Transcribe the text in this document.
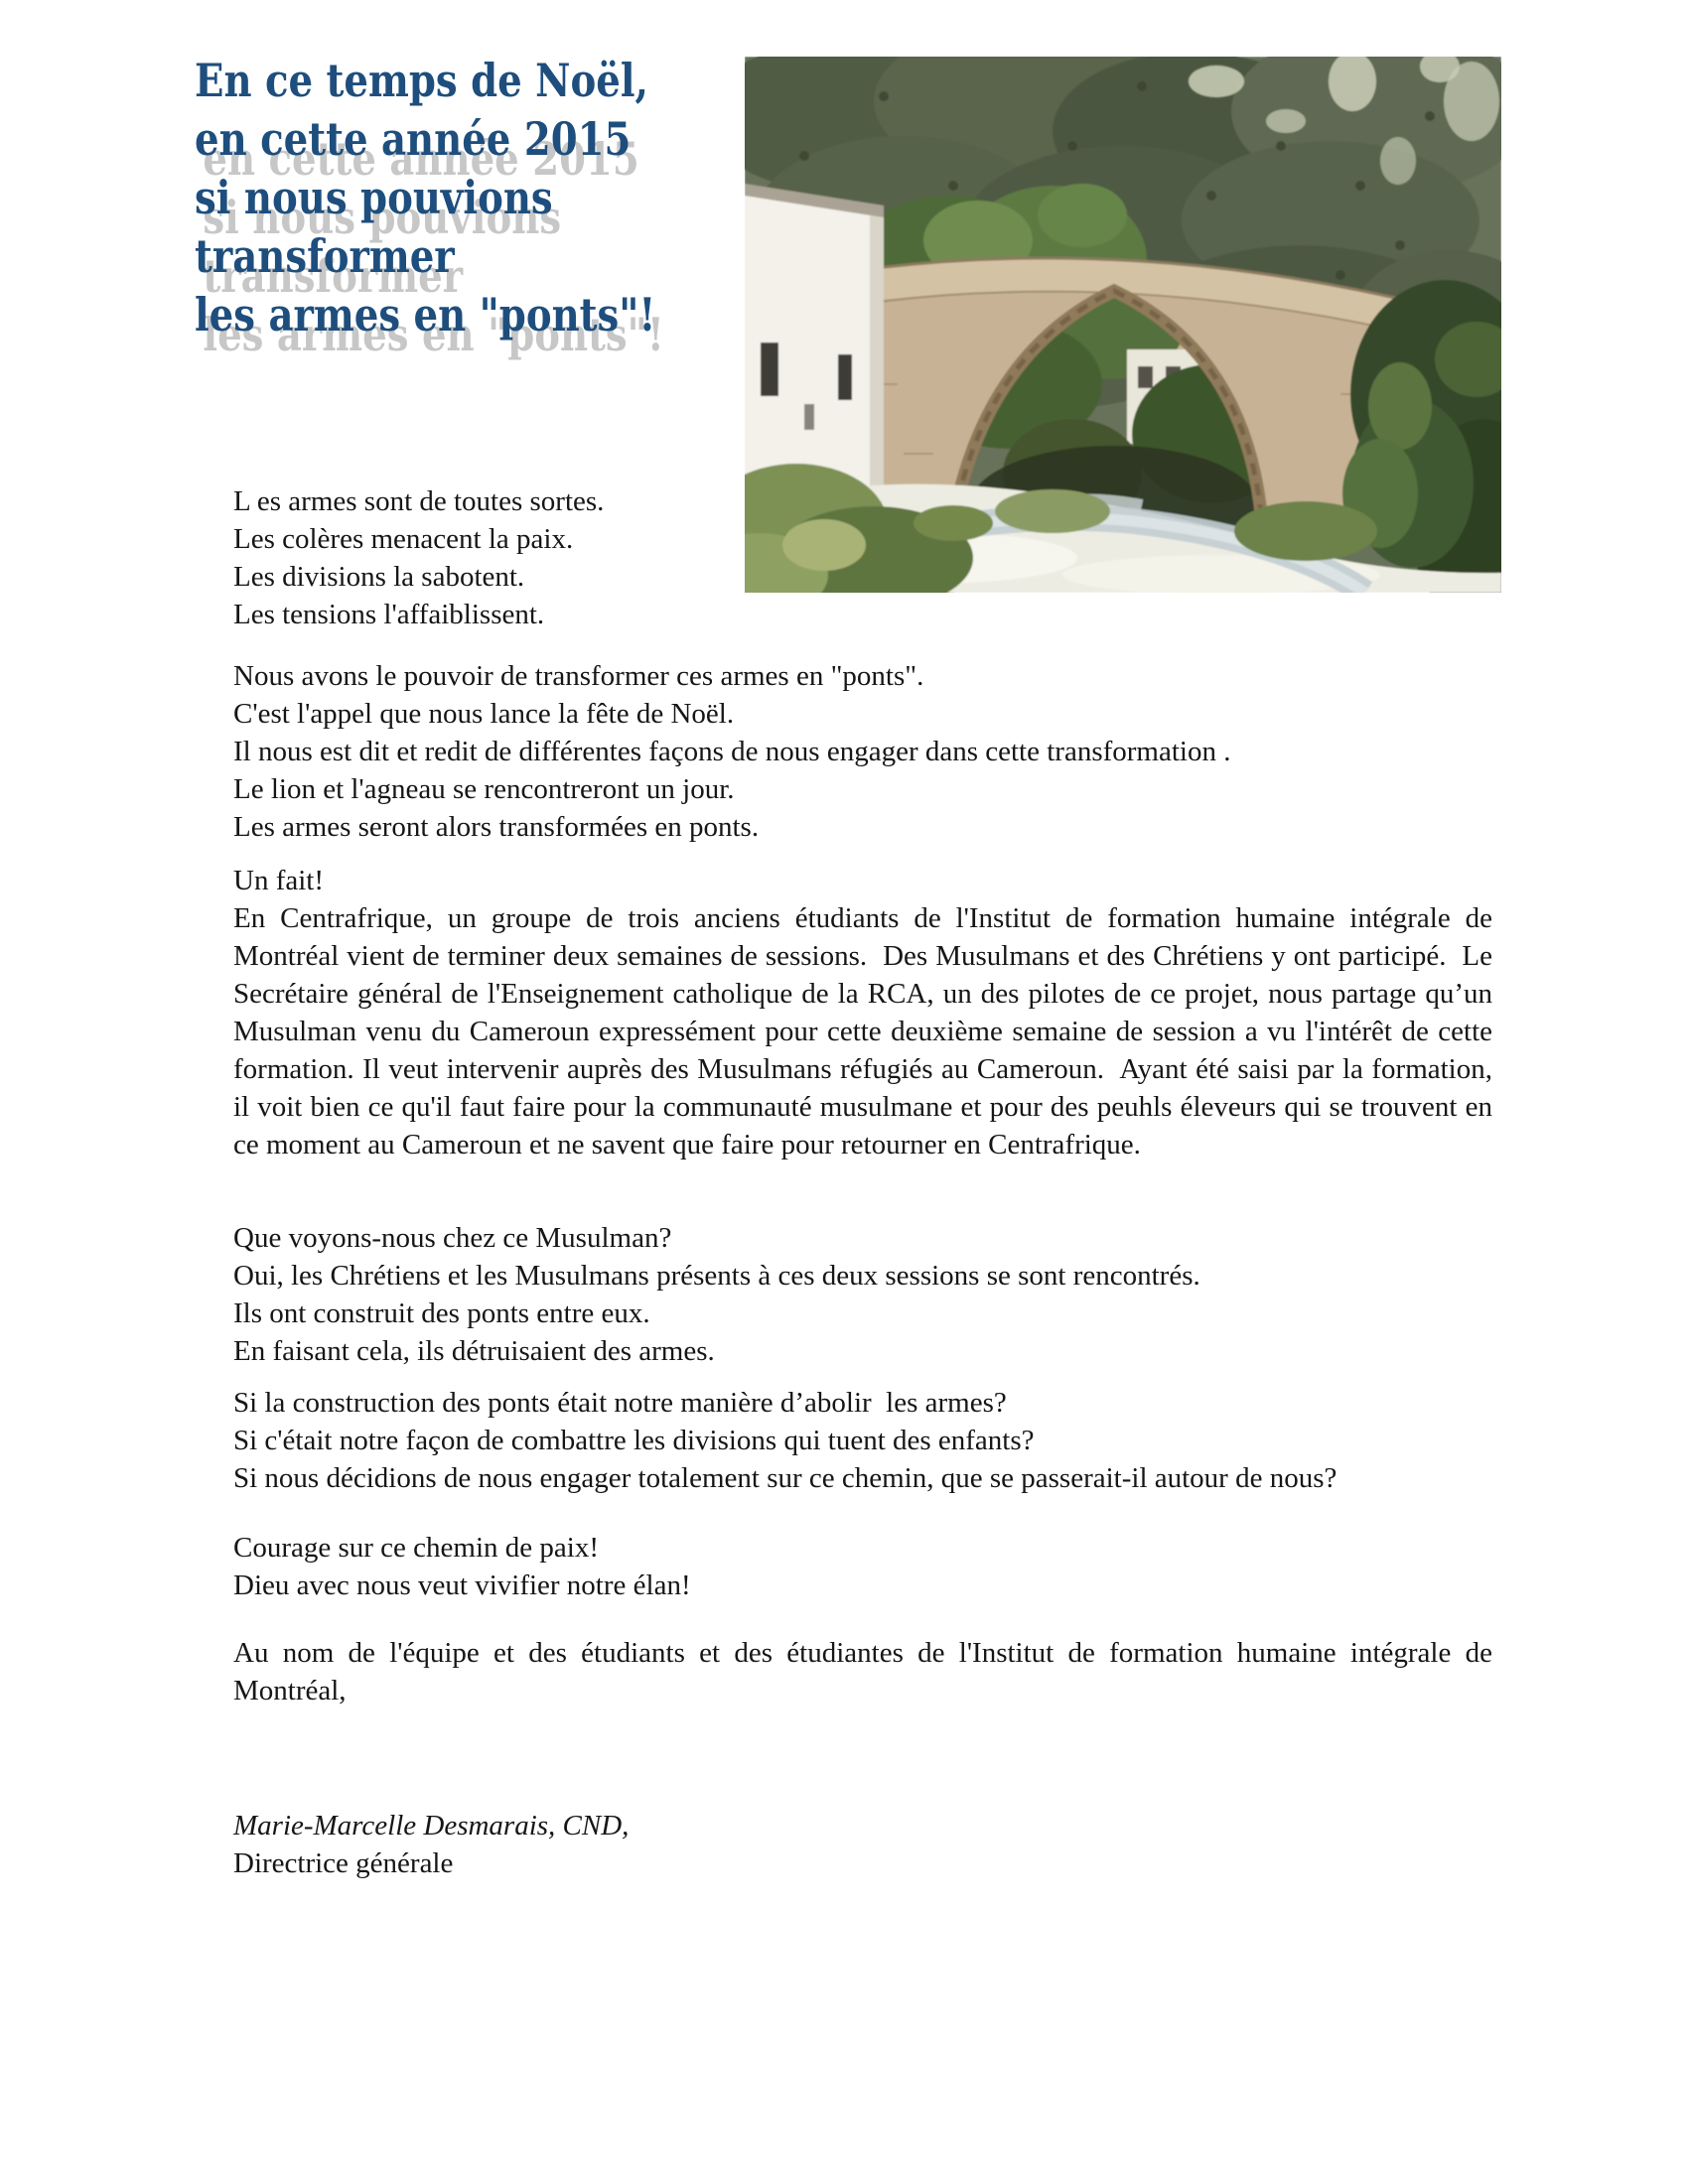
En ce temps de Noël,
en cette année 2015
si nous pouvions
transformer
les armes en "ponts"!
L es armes sont de toutes sortes.
Les colères menacent la paix.
Les divisions la sabotent.
Les tensions l'affaiblissent.
Nous avons le pouvoir de transformer ces armes en "ponts".
C'est l'appel que nous lance la fête de Noël.
Il nous est dit et redit de différentes façons de nous engager dans cette transformation .
Le lion et l'agneau se rencontreront un jour.
Les armes seront alors transformées en ponts.
Un fait!
En Centrafrique, un groupe de trois anciens étudiants de l'Institut de formation humaine intégrale de Montréal vient de terminer deux semaines de sessions.  Des Musulmans et des Chrétiens y ont participé.  Le Secrétaire général de l'Enseignement catholique de la RCA, un des pilotes de ce projet, nous partage qu’un Musulman venu du Cameroun expressément pour cette deuxième semaine de session a vu l'intérêt de cette formation. Il veut intervenir auprès des Musulmans réfugiés au Cameroun.  Ayant été saisi par la formation, il voit bien ce qu'il faut faire pour la communauté musulmane et pour des peuhls éleveurs qui se trouvent en ce moment au Cameroun et ne savent que faire pour retourner en Centrafrique.
Que voyons-nous chez ce Musulman?
Oui, les Chrétiens et les Musulmans présents à ces deux sessions se sont rencontrés.
Ils ont construit des ponts entre eux.
En faisant cela, ils détruisaient des armes.
Si la construction des ponts était notre manière d’abolir  les armes?
Si c'était notre façon de combattre les divisions qui tuent des enfants?
Si nous décidions de nous engager totalement sur ce chemin, que se passerait-il autour de nous?
Courage sur ce chemin de paix!
Dieu avec nous veut vivifier notre élan!
Au nom de l'équipe et des étudiants et des étudiantes de l'Institut de formation humaine intégrale de Montréal,
Marie-Marcelle Desmarais, CND,
Directrice générale
